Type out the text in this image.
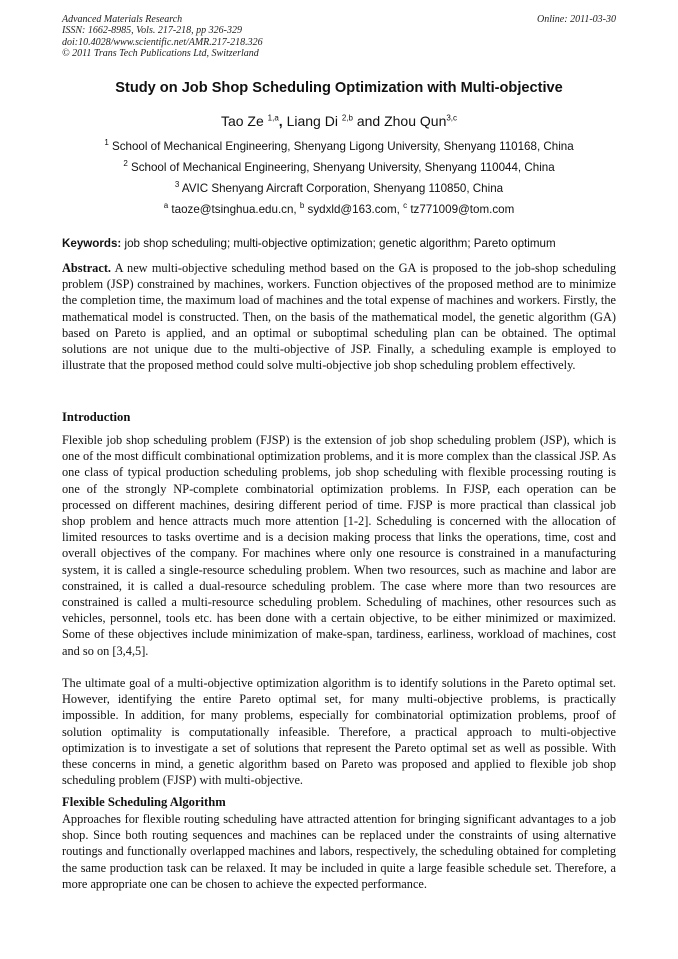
Advanced Materials Research
ISSN: 1662-8985, Vols. 217-218, pp 326-329
doi:10.4028/www.scientific.net/AMR.217-218.326
© 2011 Trans Tech Publications Ltd, Switzerland
Online: 2011-03-30
Study on Job Shop Scheduling Optimization with Multi-objective
Tao Ze $^{1,a}$, Liang Di $^{2,b}$ and Zhou Qun$^{3,c}$
$^1$ School of Mechanical Engineering, Shenyang Ligong University, Shenyang 110168, China
$^2$ School of Mechanical Engineering, Shenyang University, Shenyang 110044, China
$^3$ AVIC Shenyang Aircraft Corporation, Shenyang 110850, China
$^a$ taoze@tsinghua.edu.cn, $^b$ sydxld@163.com, $^c$ tz771009@tom.com
Keywords: job shop scheduling; multi-objective optimization; genetic algorithm; Pareto optimum
Abstract. A new multi-objective scheduling method based on the GA is proposed to the job-shop scheduling problem (JSP) constrained by machines, workers. Function objectives of the proposed method are to minimize the completion time, the maximum load of machines and the total expense of machines and workers. Firstly, the mathematical model is constructed. Then, on the basis of the mathematical model, the genetic algorithm (GA) based on Pareto is applied, and an optimal or suboptimal scheduling plan can be obtained. The optimal solutions are not unique due to the multi-objective of JSP. Finally, a scheduling example is employed to illustrate that the proposed method could solve multi-objective job shop scheduling problem effectively.
Introduction
Flexible job shop scheduling problem (FJSP) is the extension of job shop scheduling problem (JSP), which is one of the most difficult combinational optimization problems, and it is more complex than the classical JSP. As one class of typical production scheduling problems, job shop scheduling with flexible processing routing is one of the strongly NP-complete combinatorial optimization problems. In FJSP, each operation can be processed on different machines, desiring different period of time. FJSP is more practical than classical job shop problem and hence attracts much more attention [1-2]. Scheduling is concerned with the allocation of limited resources to tasks overtime and is a decision making process that links the operations, time, cost and overall objectives of the company. For machines where only one resource is constrained in a manufacturing system, it is called a single-resource scheduling problem. When two resources, such as machine and labor are constrained, it is called a dual-resource scheduling problem. The case where more than two resources are constrained is called a multi-resource scheduling problem. Scheduling of machines, other resources such as vehicles, personnel, tools etc. has been done with a certain objective, to be either minimized or maximized. Some of these objectives include minimization of make-span, tardiness, earliness, workload of machines, cost and so on [3,4,5].
The ultimate goal of a multi-objective optimization algorithm is to identify solutions in the Pareto optimal set. However, identifying the entire Pareto optimal set, for many multi-objective problems, is practically impossible. In addition, for many problems, especially for combinatorial optimization problems, proof of solution optimality is computationally infeasible. Therefore, a practical approach to multi-objective optimization is to investigate a set of solutions that represent the Pareto optimal set as well as possible. With these concerns in mind, a genetic algorithm based on Pareto was proposed and applied to flexible job shop scheduling problem (FJSP) with multi-objective.
Flexible Scheduling Algorithm
Approaches for flexible routing scheduling have attracted attention for bringing significant advantages to a job shop. Since both routing sequences and machines can be replaced under the constraints of using alternative routings and functionally overlapped machines and labors, respectively, the scheduling obtained for completing the same production task can be relaxed. It may be included in quite a large feasible schedule set. Therefore, a more appropriate one can be chosen to achieve the expected performance.
